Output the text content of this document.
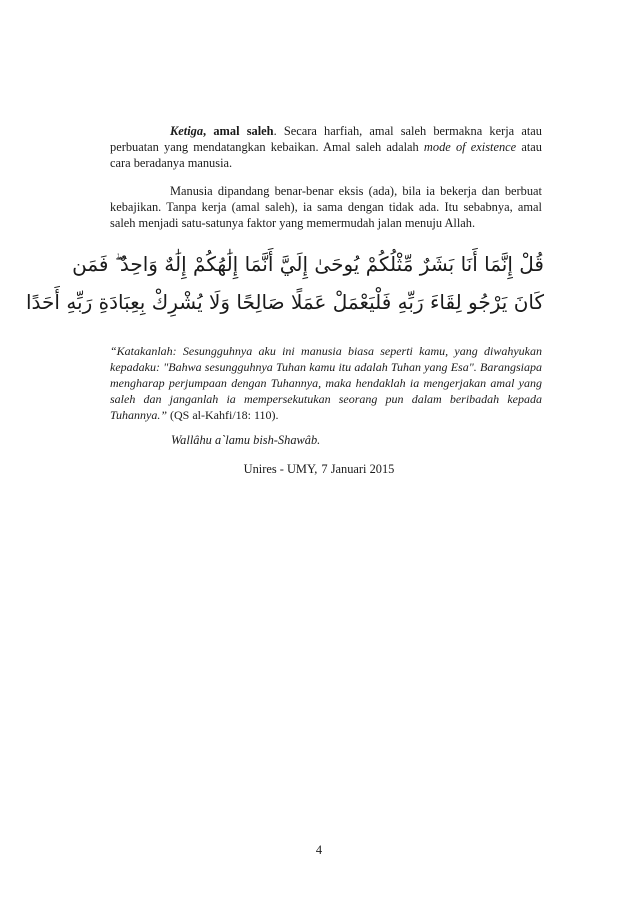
Ketiga, amal saleh. Secara harfiah, amal saleh bermakna kerja atau perbuatan yang mendatangkan kebaikan. Amal saleh adalah mode of existence atau cara beradanya manusia.

Manusia dipandang benar-benar eksis (ada), bila ia bekerja dan berbuat kebajikan. Tanpa kerja (amal saleh), ia sama dengan tidak ada. Itu sebabnya, amal saleh menjadi satu-satunya faktor yang memermudah jalan menuju Allah.

قُلْ إِنَّمَا أَنَا بَشَرٌ مِّثْلُكُمْ يُوحَىٰ إِلَيَّ أَنَّمَا إِلَٰهُكُمْ إِلَٰهٌ وَاحِدٌ ۖ فَمَن
كَانَ يَرْجُو لِقَاءَ رَبِّهِ فَلْيَعْمَلْ عَمَلًا صَالِحًا وَلَا يُشْرِكْ بِعِبَادَةِ رَبِّهِ أَحَدًا

“Katakanlah: Sesungguhnya aku ini manusia biasa seperti kamu, yang diwahyukan kepadaku: "Bahwa sesungguhnya Tuhan kamu itu adalah Tuhan yang Esa". Barangsiapa mengharap perjumpaan dengan Tuhannya, maka hendaklah ia mengerjakan amal yang saleh dan janganlah ia mempersekutukan seorang pun dalam beribadah kepada Tuhannya.” (QS al-Kahfi/18: 110).

Wallâhu a`lamu bish-Shawâb.
Unires - UMY, 7 Januari 2015
4
